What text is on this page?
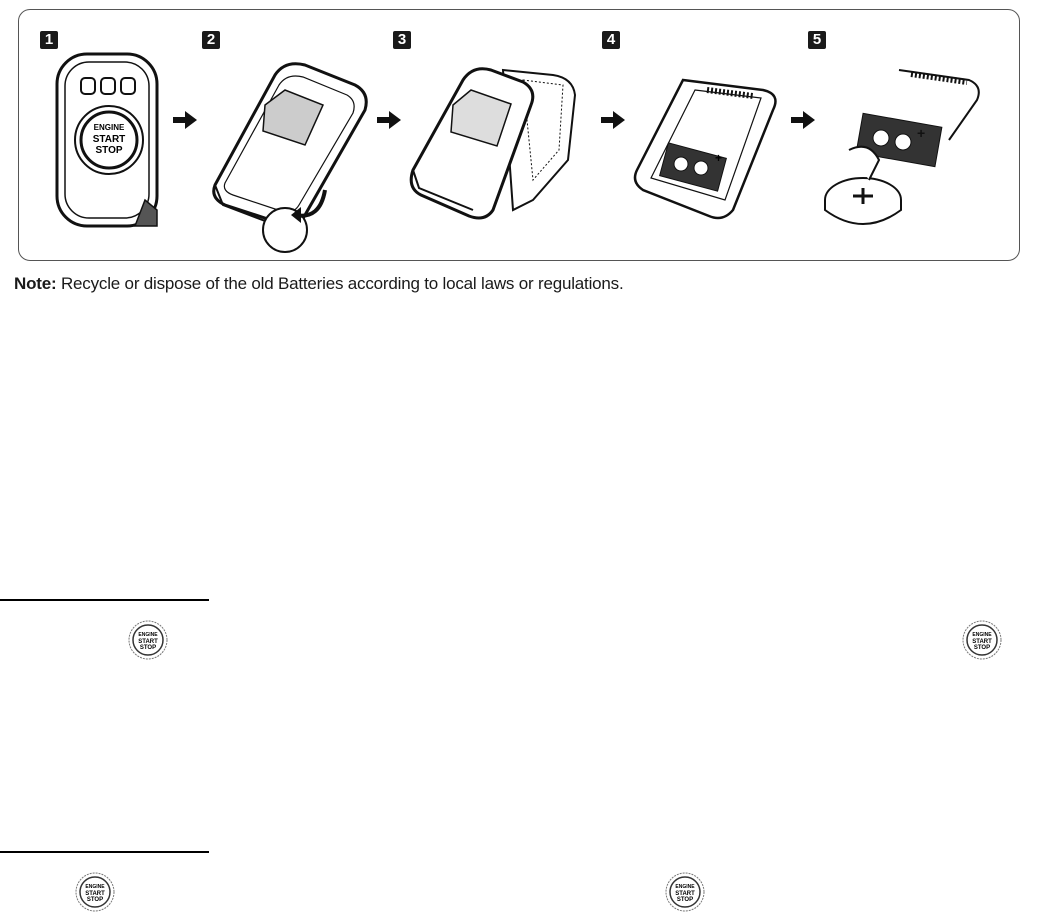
1
ENGINE
START
STOP
2	3	4
+
5
+
Note: Recycle or dispose of the old Batteries according to local laws or regulations.
ENGINE
START
STOP
ENGINE
START
STOP
ENGINE
START
STOP
ENGINE
START
STOP
